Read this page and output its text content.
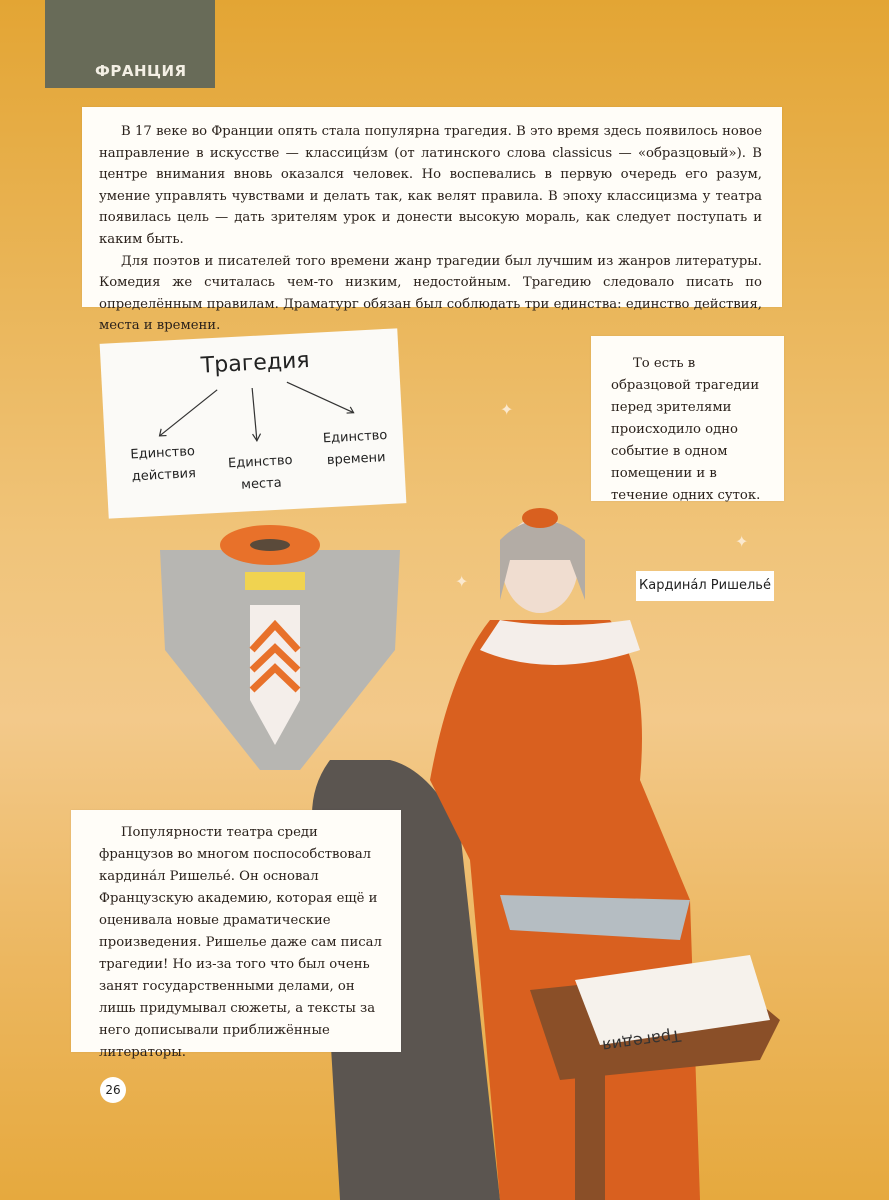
ФРАНЦИЯ

В 17 веке во Франции опять стала популярна трагедия. В это время здесь появилось новое направление в искусстве — классици́зм (от латинского слова classicus — «образцовый»). В центре внимания вновь оказался человек. Но воспевались в первую очередь его разум, умение управлять чувствами и делать так, как велят правила. В эпоху классицизма у театра появилась цель — дать зрителям урок и донести высокую мораль, как следует поступать и каким быть.

Для поэтов и писателей того времени жанр трагедии был лучшим из жанров литературы. Комедия же считалась чем-то низким, недостойным. Трагедию следовало писать по определённым правилам. Драматург обязан был соблюдать три единства: единство действия, места и времени.

Трагедия
Единство
действия
Единство
места
Единство
времени

То есть в образцовой трагедии перед зрителями происходило одно событие в одном помещении и в течение одних суток.

Трагедия
✦
✦
✦	Кардина́л Ришелье́

Популярности театра среди французов во многом поспособствовал кардина́л Ришелье́. Он основал Французскую академию, которая ещё и оценивала новые драматические произведения. Ришелье даже сам писал трагедии! Но из-за того что был очень занят государственными делами, он лишь придумывал сюжеты, а тексты за него дописывали приближённые литераторы.

26
